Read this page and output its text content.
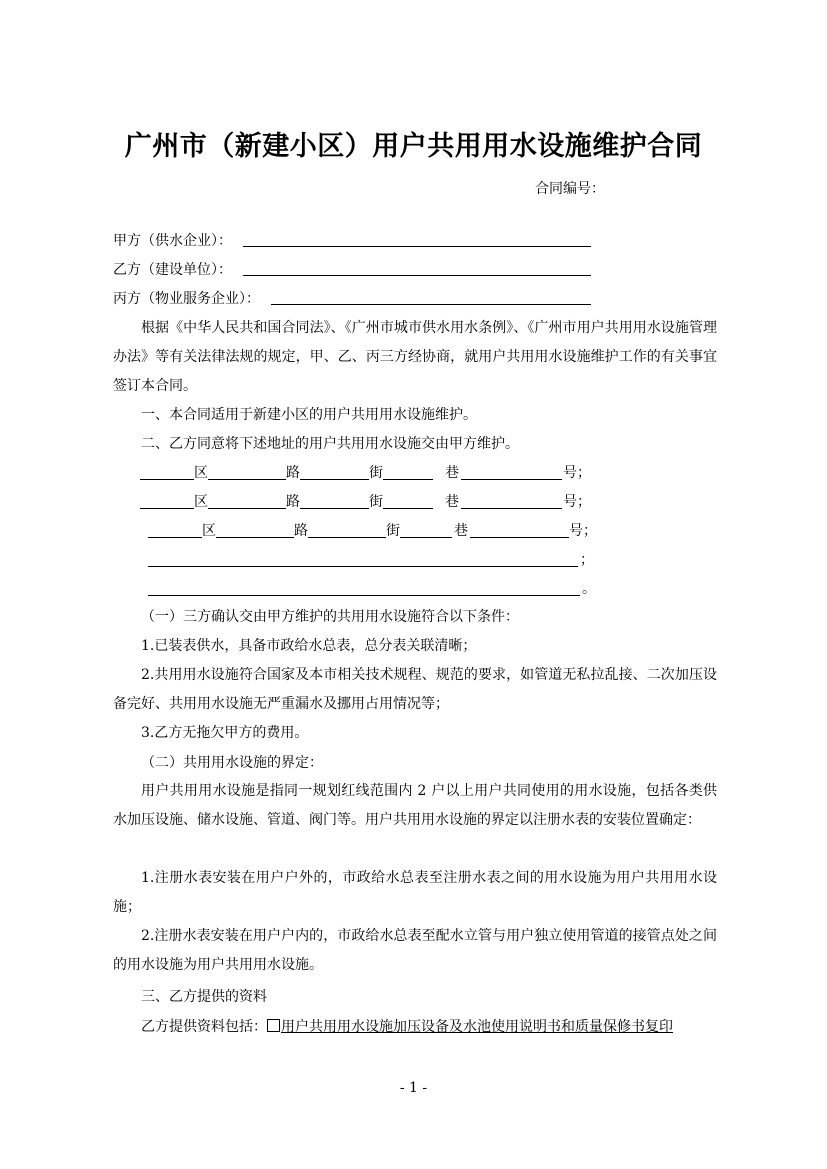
广州市（新建小区）用户共用用水设施维护合同
合同编号：
甲方（供水企业）：
乙方（建设单位）：
丙方（物业服务企业）：
根据《中华人民共和国合同法》、《广州市城市供水用水条例》、《广州市用户共用用水设施管理办法》等有关法律法规的规定，甲、乙、丙三方经协商，就用户共用用水设施维护工作的有关事宜签订本合同。
一、本合同适用于新建小区的用户共用用水设施维护。
二、乙方同意将下述地址的用户共用用水设施交由甲方维护。
区	路	街	巷	号；
区	路	街	巷	号；
区	路	街	巷	号；
；
。
（一）三方确认交由甲方维护的共用用水设施符合以下条件：
1.已装表供水，具备市政给水总表，总分表关联清晰；
2.共用用水设施符合国家及本市相关技术规程、规范的要求，如管道无私拉乱接、二次加压设备完好、共用用水设施无严重漏水及挪用占用情况等；
3.乙方无拖欠甲方的费用。
（二）共用用水设施的界定：
用户共用用水设施是指同一规划红线范围内 2 户以上用户共同使用的用水设施，包括各类供水加压设施、储水设施、管道、阀门等。用户共用用水设施的界定以注册水表的安装位置确定：
1.注册水表安装在用户户外的，市政给水总表至注册水表之间的用水设施为用户共用用水设施；
2.注册水表安装在用户户内的，市政给水总表至配水立管与用户独立使用管道的接管点处之间的用水设施为用户共用用水设施。
三、乙方提供的资料
乙方提供资料包括： 用户共用用水设施加压设备及水池使用说明书和质量保修书复印
- 1 -
